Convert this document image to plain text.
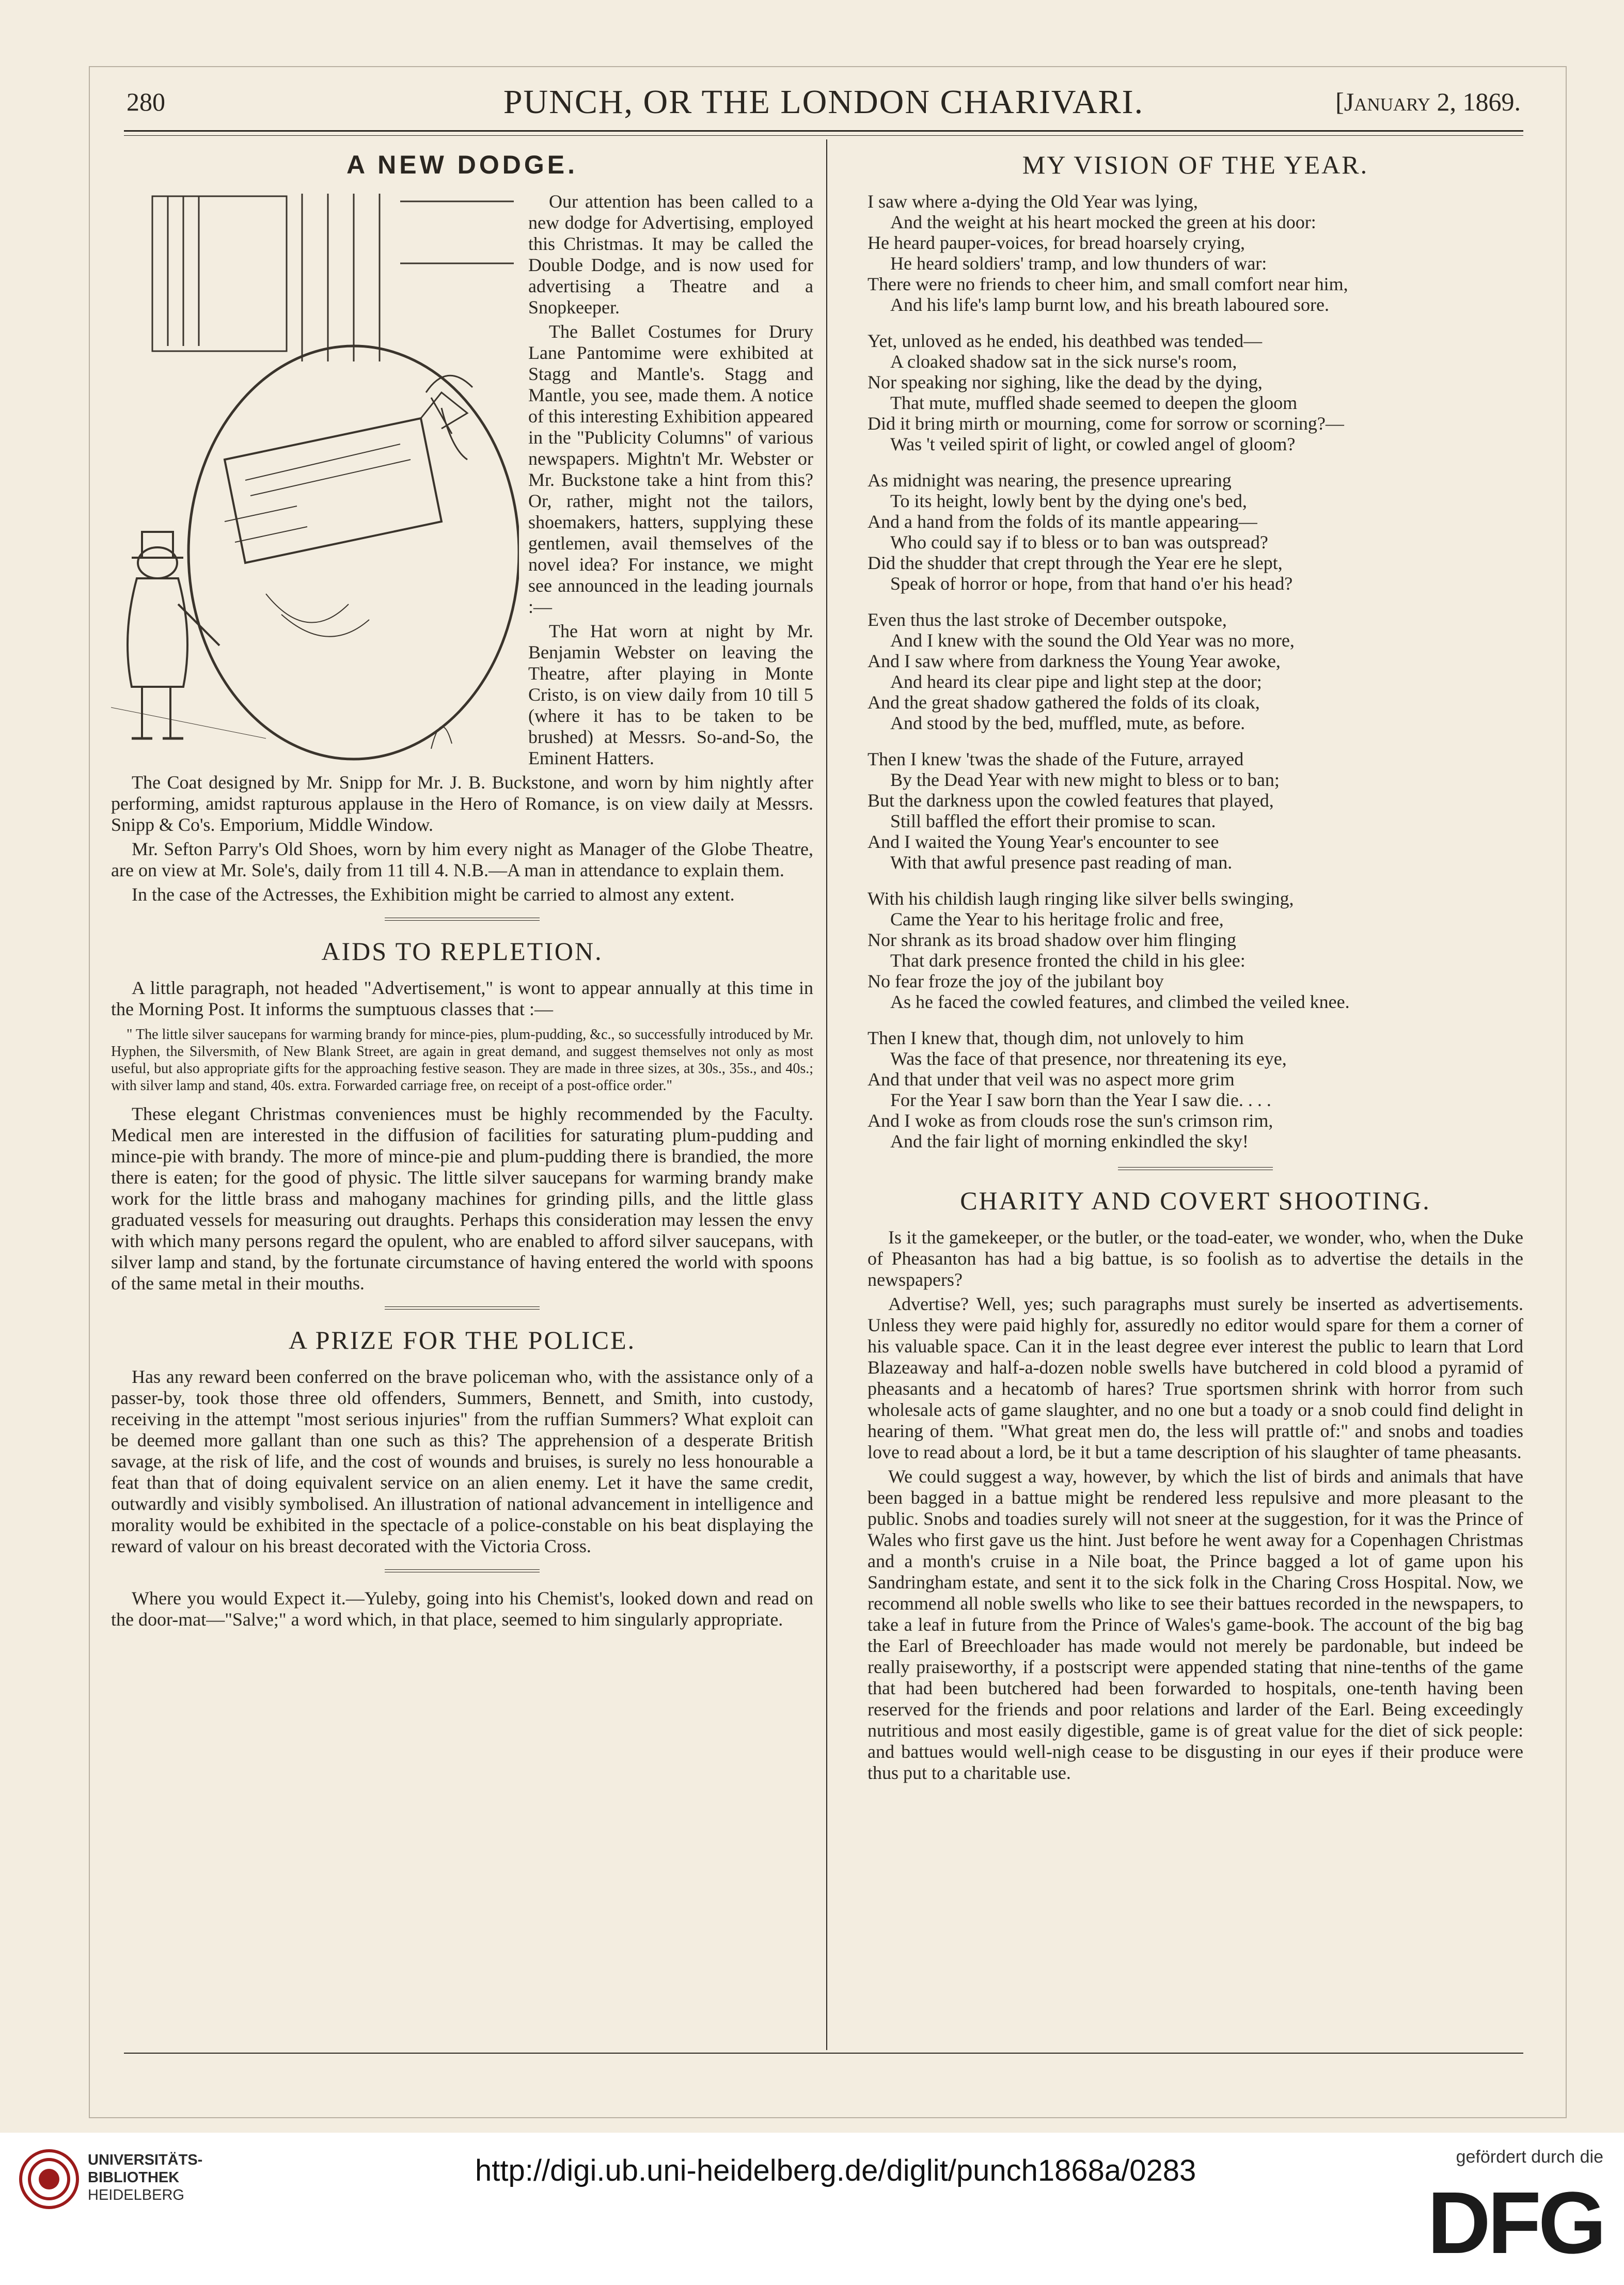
280	PUNCH, OR THE LONDON CHARIVARI.	[January 2, 1869.
A NEW DODGE.

Our attention has been called to a new dodge for Advertising, employed this Christmas. It may be called the Double Dodge, and is now used for advertising a Theatre and a Snopkeeper.

The Ballet Costumes for Drury Lane Pantomime were exhibited at Stagg and Mantle's. Stagg and Mantle, you see, made them. A notice of this interesting Exhibition appeared in the "Publicity Columns" of various newspapers. Mightn't Mr. Webster or Mr. Buckstone take a hint from this? Or, rather, might not the tailors, shoemakers, hatters, supplying these gentlemen, avail themselves of the novel idea? For instance, we might see announced in the leading journals :—

The Hat worn at night by Mr. Benjamin Webster on leaving the Theatre, after playing in Monte Cristo, is on view daily from 10 till 5 (where it has to be taken to be brushed) at Messrs. So-and-So, the Eminent Hatters.

The Coat designed by Mr. Snipp for Mr. J. B. Buckstone, and worn by him nightly after performing, amidst rapturous applause in the Hero of Romance, is on view daily at Messrs. Snipp & Co's. Emporium, Middle Window.

Mr. Sefton Parry's Old Shoes, worn by him every night as Manager of the Globe Theatre, are on view at Mr. Sole's, daily from 11 till 4. N.B.—A man in attendance to explain them.

In the case of the Actresses, the Exhibition might be carried to almost any extent.

AIDS TO REPLETION.

A little paragraph, not headed "Advertisement," is wont to appear annually at this time in the Morning Post. It informs the sumptuous classes that :—

" The little silver saucepans for warming brandy for mince-pies, plum-pudding, &c., so successfully introduced by Mr. Hyphen, the Silversmith, of New Blank Street, are again in great demand, and suggest themselves not only as most useful, but also appropriate gifts for the approaching festive season. They are made in three sizes, at 30s., 35s., and 40s.; with silver lamp and stand, 40s. extra. Forwarded carriage free, on receipt of a post-office order."

These elegant Christmas conveniences must be highly recommended by the Faculty. Medical men are interested in the diffusion of facilities for saturating plum-pudding and mince-pie with brandy. The more of mince-pie and plum-pudding there is brandied, the more there is eaten; for the good of physic. The little silver saucepans for warming brandy make work for the little brass and mahogany machines for grinding pills, and the little glass graduated vessels for measuring out draughts. Perhaps this consideration may lessen the envy with which many persons regard the opulent, who are enabled to afford silver saucepans, with silver lamp and stand, by the fortunate circumstance of having entered the world with spoons of the same metal in their mouths.

A PRIZE FOR THE POLICE.

Has any reward been conferred on the brave policeman who, with the assistance only of a passer-by, took those three old offenders, Summers, Bennett, and Smith, into custody, receiving in the attempt "most serious injuries" from the ruffian Summers? What exploit can be deemed more gallant than one such as this? The apprehension of a desperate British savage, at the risk of life, and the cost of wounds and bruises, is surely no less honourable a feat than that of doing equivalent service on an alien enemy. Let it have the same credit, outwardly and visibly symbolised. An illustration of national advancement in intelligence and morality would be exhibited in the spectacle of a police-constable on his beat displaying the reward of valour on his breast decorated with the Victoria Cross.

Where you would Expect it.—Yuleby, going into his Chemist's, looked down and read on the door-mat—"Salve;" a word which, in that place, seemed to him singularly appropriate.

MY VISION OF THE YEAR.
I saw where a-dying the Old Year was lying,
And the weight at his heart mocked the green at his door:
He heard pauper-voices, for bread hoarsely crying,
He heard soldiers' tramp, and low thunders of war:
There were no friends to cheer him, and small comfort near him,
And his life's lamp burnt low, and his breath laboured sore.
Yet, unloved as he ended, his deathbed was tended—
A cloaked shadow sat in the sick nurse's room,
Nor speaking nor sighing, like the dead by the dying,
That mute, muffled shade seemed to deepen the gloom
Did it bring mirth or mourning, come for sorrow or scorning?—
Was 't veiled spirit of light, or cowled angel of gloom?
As midnight was nearing, the presence uprearing
To its height, lowly bent by the dying one's bed,
And a hand from the folds of its mantle appearing—
Who could say if to bless or to ban was outspread?
Did the shudder that crept through the Year ere he slept,
Speak of horror or hope, from that hand o'er his head?
Even thus the last stroke of December outspoke,
And I knew with the sound the Old Year was no more,
And I saw where from darkness the Young Year awoke,
And heard its clear pipe and light step at the door;
And the great shadow gathered the folds of its cloak,
And stood by the bed, muffled, mute, as before.
Then I knew 'twas the shade of the Future, arrayed
By the Dead Year with new might to bless or to ban;
But the darkness upon the cowled features that played,
Still baffled the effort their promise to scan.
And I waited the Young Year's encounter to see
With that awful presence past reading of man.
With his childish laugh ringing like silver bells swinging,
Came the Year to his heritage frolic and free,
Nor shrank as its broad shadow over him flinging
That dark presence fronted the child in his glee:
No fear froze the joy of the jubilant boy
As he faced the cowled features, and climbed the veiled knee.
Then I knew that, though dim, not unlovely to him
Was the face of that presence, nor threatening its eye,
And that under that veil was no aspect more grim
For the Year I saw born than the Year I saw die. . . .
And I woke as from clouds rose the sun's crimson rim,
And the fair light of morning enkindled the sky!
CHARITY AND COVERT SHOOTING.

Is it the gamekeeper, or the butler, or the toad-eater, we wonder, who, when the Duke of Pheasanton has had a big battue, is so foolish as to advertise the details in the newspapers?

Advertise? Well, yes; such paragraphs must surely be inserted as advertisements. Unless they were paid highly for, assuredly no editor would spare for them a corner of his valuable space. Can it in the least degree ever interest the public to learn that Lord Blazeaway and half-a-dozen noble swells have butchered in cold blood a pyramid of pheasants and a hecatomb of hares? True sportsmen shrink with horror from such wholesale acts of game slaughter, and no one but a toady or a snob could find delight in hearing of them. "What great men do, the less will prattle of:" and snobs and toadies love to read about a lord, be it but a tame description of his slaughter of tame pheasants.

We could suggest a way, however, by which the list of birds and animals that have been bagged in a battue might be rendered less repulsive and more pleasant to the public. Snobs and toadies surely will not sneer at the suggestion, for it was the Prince of Wales who first gave us the hint. Just before he went away for a Copenhagen Christmas and a month's cruise in a Nile boat, the Prince bagged a lot of game upon his Sandringham estate, and sent it to the sick folk in the Charing Cross Hospital. Now, we recommend all noble swells who like to see their battues recorded in the newspapers, to take a leaf in future from the Prince of Wales's game-book. The account of the big bag the Earl of Breechloader has made would not merely be pardonable, but indeed be really praiseworthy, if a postscript were appended stating that nine-tenths of the game that had been butchered had been forwarded to hospitals, one-tenth having been reserved for the friends and poor relations and larder of the Earl. Being exceedingly nutritious and most easily digestible, game is of great value for the diet of sick people: and battues would well-nigh cease to be disgusting in our eyes if their produce were thus put to a charitable use.

UNIVERSITÄTS-
BIBLIOTHEK
HEIDELBERG
http://digi.ub.uni-heidelberg.de/diglit/punch1868a/0283	gefördert durch die
DFG
